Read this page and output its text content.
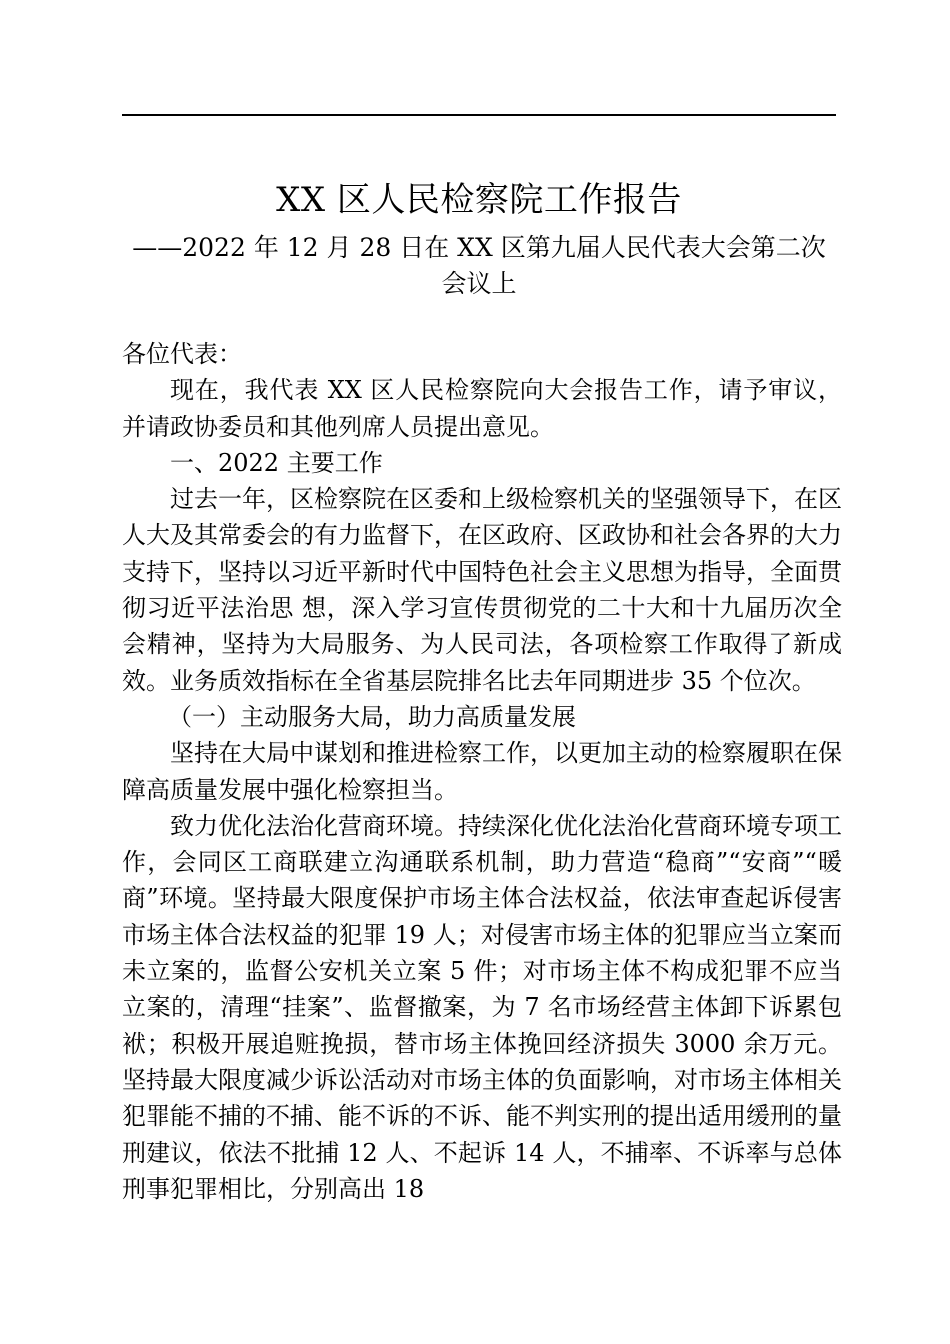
XX 区人民检察院工作报告
——2022 年 12 月 28 日在 XX 区第九届人民代表大会第二次会议上

各位代表：

现在，我代表 XX 区人民检察院向大会报告工作，请予审议，并请政协委员和其他列席人员提出意见。

一、2022 主要工作

过去一年，区检察院在区委和上级检察机关的坚强领导下，在区人大及其常委会的有力监督下，在区政府、区政协和社会各界的大力支持下，坚持以习近平新时代中国特色社会主义思想为指导，全面贯彻习近平法治思 想，深入学习宣传贯彻党的二十大和十九届历次全会精神，坚持为大局服务、为人民司法，各项检察工作取得了新成效。业务质效指标在全省基层院排名比去年同期进步 35 个位次。

（一）主动服务大局，助力高质量发展

坚持在大局中谋划和推进检察工作，以更加主动的检察履职在保障高质量发展中强化检察担当。

致力优化法治化营商环境。持续深化优化法治化营商环境专项工作，会同区工商联建立沟通联系机制，助力营造“稳商”“安商”“暖商”环境。坚持最大限度保护市场主体合法权益，依法审查起诉侵害市场主体合法权益的犯罪 19 人；对侵害市场主体的犯罪应当立案而未立案的，监督公安机关立案 5 件；对市场主体不构成犯罪不应当立案的，清理“挂案”、监督撤案，为 7 名市场经营主体卸下诉累包袱；积极开展追赃挽损，替市场主体挽回经济损失 3000 余万元。坚持最大限度减少诉讼活动对市场主体的负面影响，对市场主体相关犯罪能不捕的不捕、能不诉的不诉、能不判实刑的提出适用缓刑的量刑建议，依法不批捕 12 人、不起诉 14 人，不捕率、不诉率与总体刑事犯罪相比，分别高出 18
